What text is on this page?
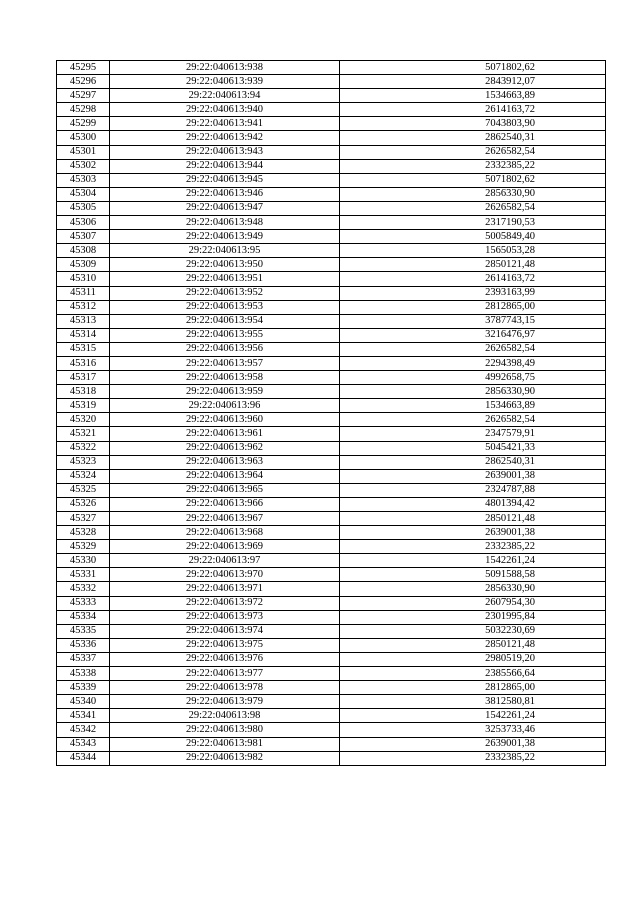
45295	29:22:040613:938	5071802,62
45296	29:22:040613:939	2843912,07
45297	29:22:040613:94	1534663,89
45298	29:22:040613:940	2614163,72
45299	29:22:040613:941	7043803,90
45300	29:22:040613:942	2862540,31
45301	29:22:040613:943	2626582,54
45302	29:22:040613:944	2332385,22
45303	29:22:040613:945	5071802,62
45304	29:22:040613:946	2856330,90
45305	29:22:040613:947	2626582,54
45306	29:22:040613:948	2317190,53
45307	29:22:040613:949	5005849,40
45308	29:22:040613:95	1565053,28
45309	29:22:040613:950	2850121,48
45310	29:22:040613:951	2614163,72
45311	29:22:040613:952	2393163,99
45312	29:22:040613:953	2812865,00
45313	29:22:040613:954	3787743,15
45314	29:22:040613:955	3216476,97
45315	29:22:040613:956	2626582,54
45316	29:22:040613:957	2294398,49
45317	29:22:040613:958	4992658,75
45318	29:22:040613:959	2856330,90
45319	29:22:040613:96	1534663,89
45320	29:22:040613:960	2626582,54
45321	29:22:040613:961	2347579,91
45322	29:22:040613:962	5045421,33
45323	29:22:040613:963	2862540,31
45324	29:22:040613:964	2639001,38
45325	29:22:040613:965	2324787,88
45326	29:22:040613:966	4801394,42
45327	29:22:040613:967	2850121,48
45328	29:22:040613:968	2639001,38
45329	29:22:040613:969	2332385,22
45330	29:22:040613:97	1542261,24
45331	29:22:040613:970	5091588,58
45332	29:22:040613:971	2856330,90
45333	29:22:040613:972	2607954,30
45334	29:22:040613:973	2301995,84
45335	29:22:040613:974	5032230,69
45336	29:22:040613:975	2850121,48
45337	29:22:040613:976	2980519,20
45338	29:22:040613:977	2385566,64
45339	29:22:040613:978	2812865,00
45340	29:22:040613:979	3812580,81
45341	29:22:040613:98	1542261,24
45342	29:22:040613:980	3253733,46
45343	29:22:040613:981	2639001,38
45344	29:22:040613:982	2332385,22
